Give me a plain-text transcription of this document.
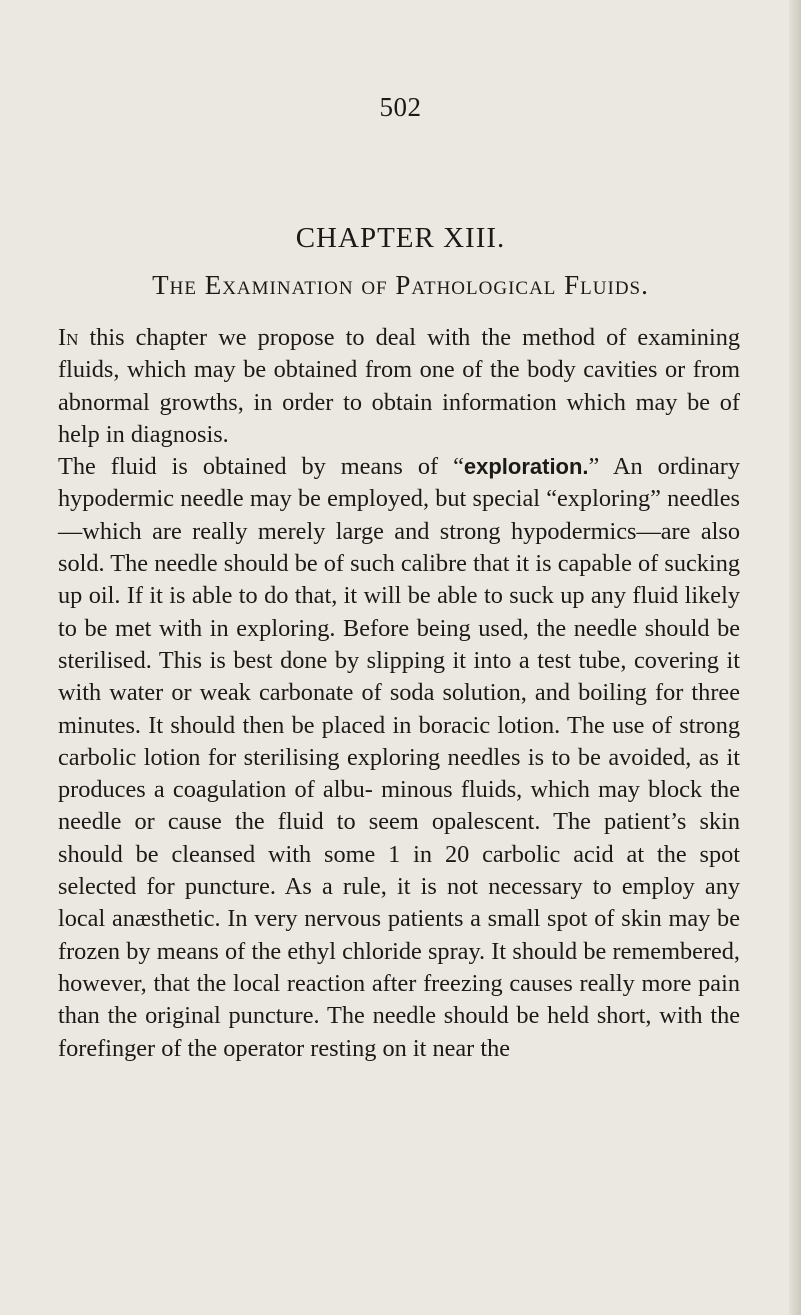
502
CHAPTER XIII.
The Examination of Pathological Fluids.

In this chapter we propose to deal with the method of examining fluids, which may be obtained from one of the body cavities or from abnormal growths, in order to obtain information which may be of help in diagnosis.

The fluid is obtained by means of “exploration.” An ordinary hypodermic needle may be employed, but special “exploring” needles—which are really merely large and strong hypodermics—are also sold. The needle should be of such calibre that it is capable of sucking up oil. If it is able to do that, it will be able to suck up any fluid likely to be met with in exploring. Before being used, the needle should be sterilised. This is best done by slipping it into a test tube, covering it with water or weak carbonate of soda solution, and boiling for three minutes. It should then be placed in boracic lotion. The use of strong carbolic lotion for sterilising exploring needles is to be avoided, as it produces a coagulation of albu- minous fluids, which may block the needle or cause the fluid to seem opalescent. The patient’s skin should be cleansed with some 1 in 20 carbolic acid at the spot selected for puncture. As a rule, it is not necessary to employ any local anæsthetic. In very nervous patients a small spot of skin may be frozen by means of the ethyl chloride spray. It should be remembered, however, that the local reaction after freezing causes really more pain than the original puncture. The needle should be held short, with the forefinger of the operator resting on it near the
